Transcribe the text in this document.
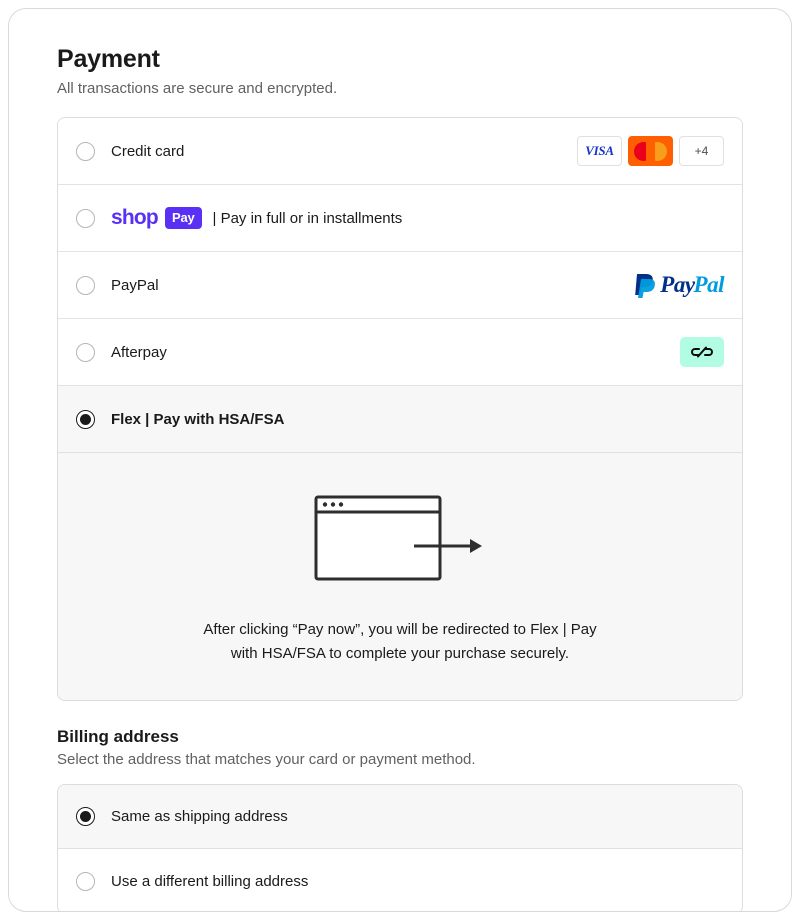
Payment

All transactions are secure and encrypted.

Credit card	VISA	+4
shop	Pay	| Pay in full or in installments
PayPal	Pay Pal
Afterpay
Flex | Pay with HSA/FSA

After clicking “Pay now”, you will be redirected to Flex | Pay with HSA/FSA to complete your purchase securely.

Billing address

Select the address that matches your card or payment method.

Same as shipping address
Use a different billing address
